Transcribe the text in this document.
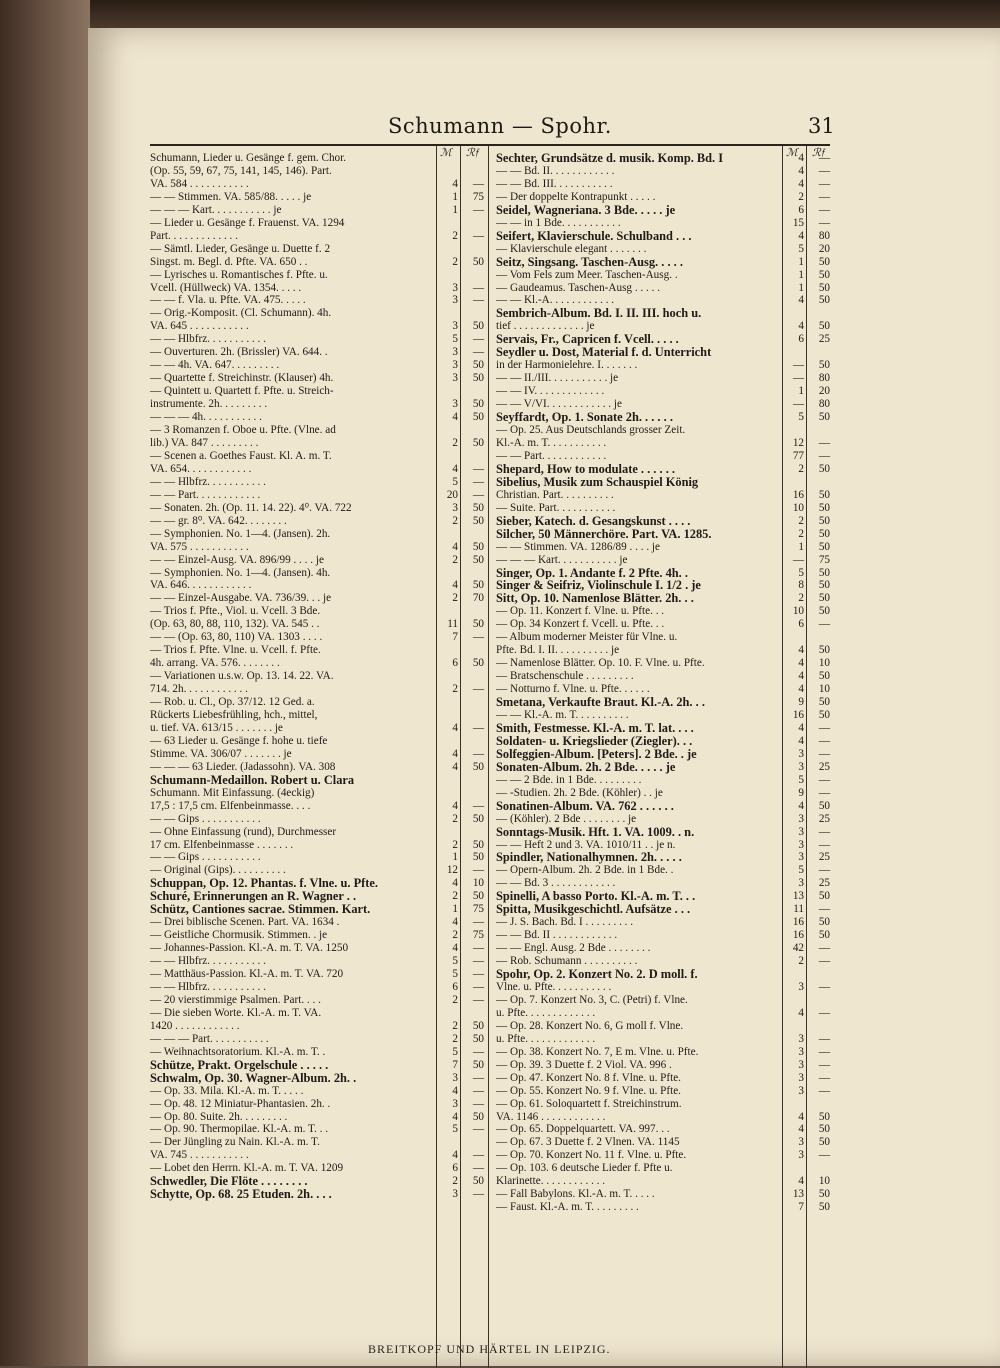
Schumann — Spohr.	31
ℳ ℛ𝔣	ℳ ℛ𝔣
Schumann, Lieder u. Gesänge f. gem. Chor.
(Op. 55, 59, 67, 75, 141, 145, 146). Part.
VA. 584 . . . . . . . . . . .	4	—
— — Stimmen. VA. 585/88. . . . . je	1	75
— — — Kart. . . . . . . . . . . je	1	—
— Lieder u. Gesänge f. Frauenst. VA. 1294
Part. . . . . . . . . . . . .	2	—
— Sämtl. Lieder, Gesänge u. Duette f. 2
Singst. m. Begl. d. Pfte. VA. 650 . .	2	50
— Lyrisches u. Romantisches f. Pfte. u.
Vcell. (Hüllweck) VA. 1354. . . . .	3	—
— — f. Vla. u. Pfte. VA. 475. . . . .	3	—
— Orig.-Komposit. (Cl. Schumann). 4h.
VA. 645 . . . . . . . . . . .	3	50
— — Hlbfrz. . . . . . . . . . .	5	—
— Ouverturen. 2h. (Brissler) VA. 644. .	3	—
— — 4h. VA. 647. . . . . . . . .	3	50
— Quartette f. Streichinstr. (Klauser) 4h.	3	50
— Quintett u. Quartett f. Pfte. u. Streich-
instrumente. 2h. . . . . . . . .	3	50
— — — 4h. . . . . . . . . . .	4	50
— 3 Romanzen f. Oboe u. Pfte. (Vlne. ad
lib.) VA. 847 . . . . . . . . .	2	50
— Scenen a. Goethes Faust. Kl. A. m. T.
VA. 654. . . . . . . . . . . .	4	—
— — Hlbfrz. . . . . . . . . . .	5	—
— — Part. . . . . . . . . . . .	20	—
— Sonaten. 2h. (Op. 11. 14. 22). 4⁰. VA. 722	3	50
— — gr. 8⁰. VA. 642. . . . . . . .	2	50
— Symphonien. No. 1—4. (Jansen). 2h.
VA. 575 . . . . . . . . . . .	4	50
— — Einzel-Ausg. VA. 896/99 . . . . je	2	50
— Symphonien. No. 1—4. (Jansen). 4h.
VA. 646. . . . . . . . . . . .	4	50
— — Einzel-Ausgabe. VA. 736/39. . . je	2	70
— Trios f. Pfte., Viol. u. Vcell. 3 Bde.
(Op. 63, 80, 88, 110, 132). VA. 545 . .	11	50
— — (Op. 63, 80, 110) VA. 1303 . . . .	7	—
— Trios f. Pfte. Vlne. u. Vcell. f. Pfte.
4h. arrang. VA. 576. . . . . . . .	6	50
— Variationen u.s.w. Op. 13. 14. 22. VA.
714. 2h. . . . . . . . . . . .	2	—
— Rob. u. Cl., Op. 37/12. 12 Ged. a.
Rückerts Liebesfrühling, hch., mittel,
u. tief. VA. 613/15 . . . . . . . je	4	—
— 63 Lieder u. Gesänge f. hohe u. tiefe
Stimme. VA. 306/07 . . . . . . . je	4	—
— — — 63 Lieder. (Jadassohn). VA. 308	4	50
Schumann-Medaillon. Robert u. Clara
Schumann. Mit Einfassung. (4eckig)
17,5 : 17,5 cm. Elfenbeinmasse. . . .	4	—
— — Gips . . . . . . . . . . .	2	50
— Ohne Einfassung (rund), Durchmesser
17 cm. Elfenbeinmasse . . . . . . .	2	50
— — Gips . . . . . . . . . . .	1	50
— Original (Gips). . . . . . . . . .	12	—
Schuppan, Op. 12. Phantas. f. Vlne. u. Pfte.	4	10
Schuré, Erinnerungen an R. Wagner . .	2	50
Schütz, Cantiones sacrae. Stimmen. Kart.	1	75
— Drei biblische Scenen. Part. VA. 1634 .	4	—
— Geistliche Chormusik. Stimmen. . je	2	75
— Johannes-Passion. Kl.-A. m. T. VA. 1250	4	—
— — Hlbfrz. . . . . . . . . . .	5	—
— Matthäus-Passion. Kl.-A. m. T. VA. 720	5	—
— — Hlbfrz. . . . . . . . . . .	6	—
— 20 vierstimmige Psalmen. Part. . . .	2	—
— Die sieben Worte. Kl.-A. m. T. VA.
1420 . . . . . . . . . . . .	2	50
— — — Part. . . . . . . . . . .	2	50
— Weihnachtsoratorium. Kl.-A. m. T. .	5	—
Schütze, Prakt. Orgelschule . . . . .	7	50
Schwalm, Op. 30. Wagner-Album. 2h. .	3	—
— Op. 33. Mila. Kl.-A. m. T. . . . .	4	—
— Op. 48. 12 Miniatur-Phantasien. 2h. .	3	—
— Op. 80. Suite. 2h. . . . . . . . .	4	50
— Op. 90. Thermopilae. Kl.-A. m. T. . .	5	—
— Der Jüngling zu Nain. Kl.-A. m. T.
VA. 745 . . . . . . . . . . .	4	—
— Lobet den Herrn. Kl.-A. m. T. VA. 1209	6	—
Schwedler, Die Flöte . . . . . . . .	2	50
Schytte, Op. 68. 25 Etuden. 2h. . . .	3	—
Sechter, Grundsätze d. musik. Komp. Bd. I	4	—
— — Bd. II. . . . . . . . . . . .	4	—
— — Bd. III. . . . . . . . . . .	4	—
— Der doppelte Kontrapunkt . . . . .	2	—
Seidel, Wagneriana. 3 Bde. . . . . je	6	—
— — in 1 Bde. . . . . . . . . . .	15	—
Seifert, Klavierschule. Schulband . . .	4	80
— Klavierschule elegant . . . . . . .	5	20
Seitz, Singsang. Taschen-Ausg. . . . .	1	50
— Vom Fels zum Meer. Taschen-Ausg. .	1	50
— Gaudeamus. Taschen-Ausg . . . . .	1	50
— — Kl.-A. . . . . . . . . . . .	4	50
Sembrich-Album. Bd. I. II. III. hoch u.
tief . . . . . . . . . . . . . je	4	50
Servais, Fr., Capricen f. Vcell. . . . .	6	25
Seydler u. Dost, Material f. d. Unterricht
in der Harmonielehre. I. . . . . . .	—	50
— — II./III. . . . . . . . . . . je	—	80
— — IV. . . . . . . . . . . . .	1	20
— — V/VI. . . . . . . . . . . . je	—	80
Seyffardt, Op. 1. Sonate 2h. . . . . .	5	50
— Op. 25. Aus Deutschlands grosser Zeit.
Kl.-A. m. T. . . . . . . . . . .	12	—
— — Part. . . . . . . . . . . .	77	—
Shepard, How to modulate . . . . . .	2	50
Sibelius, Musik zum Schauspiel König
Christian. Part. . . . . . . . . .	16	50
— Suite. Part. . . . . . . . . . .	10	50
Sieber, Katech. d. Gesangskunst . . . .	2	50
Silcher, 50 Männerchöre. Part. VA. 1285.	2	50
— — Stimmen. VA. 1286/89 . . . . je	1	50
— — — Kart. . . . . . . . . . . je	—	75
Singer, Op. 1. Andante f. 2 Pfte. 4h. .	5	50
Singer & Seifriz, Violinschule I. 1/2 . je	8	50
Sitt, Op. 10. Namenlose Blätter. 2h. . .	2	50
— Op. 11. Konzert f. Vlne. u. Pfte. . .	10	50
— Op. 34 Konzert f. Vcell. u. Pfte. . .	6	—
— Album moderner Meister für Vlne. u.
Pfte. Bd. I. II. . . . . . . . . . je	4	50
— Namenlose Blätter. Op. 10. F. Vlne. u. Pfte.	4	10
— Bratschenschule . . . . . . . . .	4	50
— Notturno f. Vlne. u. Pfte. . . . . .	4	10
Smetana, Verkaufte Braut. Kl.-A. 2h. . .	9	50
— — Kl.-A. m. T. . . . . . . . . .	16	50
Smith, Festmesse. Kl.-A. m. T. lat. . . .	4	—
Soldaten- u. Kriegslieder (Ziegler). . .	4	—
Solfeggien-Album. [Peters]. 2 Bde. . je	3	—
Sonaten-Album. 2h. 2 Bde. . . . . je	3	25
— — 2 Bde. in 1 Bde. . . . . . . . .	5	—
— -Studien. 2h. 2 Bde. (Köhler) . . je	9	—
Sonatinen-Album. VA. 762 . . . . . .	4	50
— (Köhler). 2 Bde . . . . . . . . je	3	25
Sonntags-Musik. Hft. 1. VA. 1009. . n.	3	—
— — Heft 2 und 3. VA. 1010/11 . . je n.	3	—
Spindler, Nationalhymnen. 2h. . . . .	3	25
— Opern-Album. 2h. 2 Bde. in 1 Bde. .	5	—
— — Bd. 3 . . . . . . . . . . . .	3	25
Spinelli, A basso Porto. Kl.-A. m. T. . .	13	50
Spitta, Musikgeschichtl. Aufsätze . . .	11	—
— J. S. Bach. Bd. I . . . . . . . . .	16	50
— — Bd. II . . . . . . . . . . . .	16	50
— — Engl. Ausg. 2 Bde . . . . . . . .	42	—
— Rob. Schumann . . . . . . . . . .	2	—
Spohr, Op. 2. Konzert No. 2. D moll. f.
Vlne. u. Pfte. . . . . . . . . . .	3	—
— Op. 7. Konzert No. 3, C. (Petri) f. Vlne.
u. Pfte. . . . . . . . . . . . .	4	—
— Op. 28. Konzert No. 6, G moll f. Vlne.
u. Pfte. . . . . . . . . . . . .	3	—
— Op. 38. Konzert No. 7, E m. Vlne. u. Pfte.	3	—
— Op. 39. 3 Duette f. 2 Viol. VA. 996 .	3	—
— Op. 47. Konzert No. 8 f. Vlne. u. Pfte.	3	—
— Op. 55. Konzert No. 9 f. Vlne. u. Pfte.	3	—
— Op. 61. Soloquartett f. Streichinstrum.
VA. 1146 . . . . . . . . . . . .	4	50
— Op. 65. Doppelquartett. VA. 997. . .	4	50
— Op. 67. 3 Duette f. 2 Vlnen. VA. 1145	3	50
— Op. 70. Konzert No. 11 f. Vlne. u. Pfte.	3	—
— Op. 103. 6 deutsche Lieder f. Pfte u.
Klarinette. . . . . . . . . . . .	4	10
— Fall Babylons. Kl.-A. m. T. . . . .	13	50
— Faust. Kl.-A. m. T. . . . . . . . .	7	50
BREITKOPF UND HÄRTEL IN LEIPZIG.
